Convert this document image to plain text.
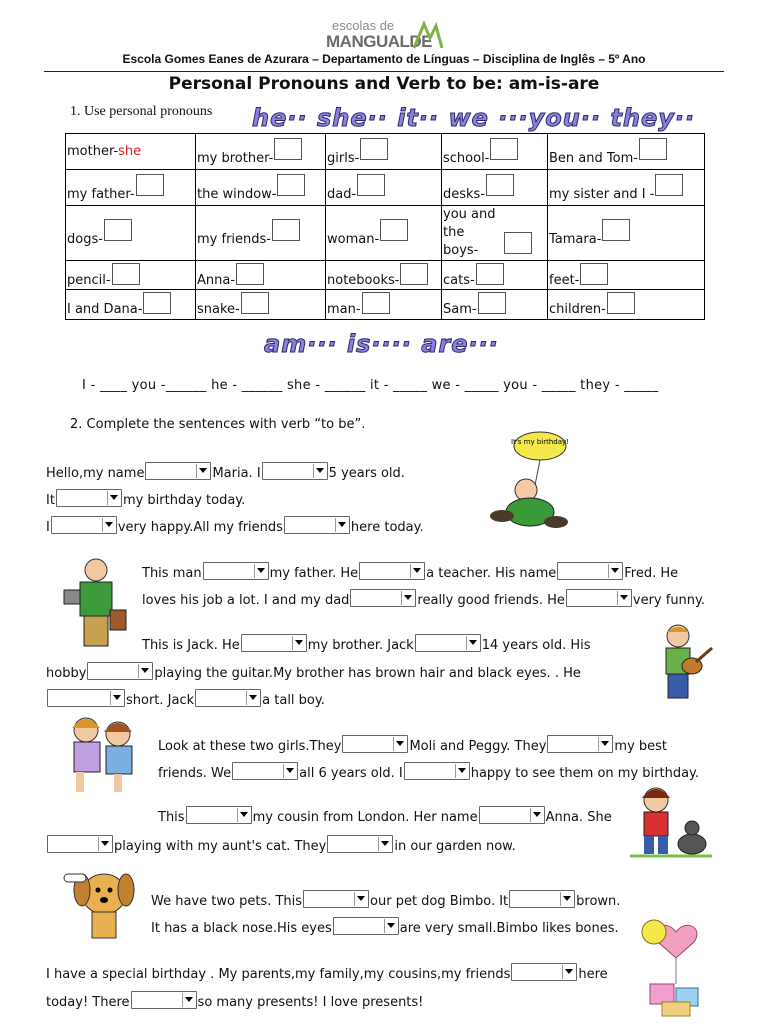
escolas de
MANGUALDE
Escola Gomes Eanes de Azurara – Departamento de Línguas – Disciplina de Inglês – 5º Ano
Personal Pronouns and Verb to be: am-is-are
1. Use personal pronouns he·· she·· it·· we ···you·· they··
mother- she	my brother-	girls-	school-	Ben and Tom-

my father-	the window-	dad-	desks-	my sister and I -

dogs-	my friends-	woman-	you and the boys-	Tamara-

pencil-	Anna-	notebooks-	cats-	feet-

I and Dana-	snake-	man-	Sam-	children-
am··· is···· are···
I - ____ you -______ he - ______ she - ______ it - _____ we - _____ you - _____ they - _____
2. Complete the sentences with verb “to be”.
Hello,my name	Maria. I	5 years old.
It	my birthday today.
I	very happy.All my friends	here today.
It's my birthday!
This man	my father. He	a teacher. His name	Fred. He
loves his job a lot. I and my dad	really good friends. He	very funny.
This is Jack. He	my brother. Jack	14 years old. His
hobby	playing the guitar.My brother has brown hair and black eyes. . He
short. Jack	a tall boy.
Look at these two girls.They	Moli and Peggy. They	my best
friends. We	all 6 years old. I	happy to see them on my birthday.
This	my cousin from London. Her name	Anna. She
playing with my aunt's cat. They	in our garden now.
We have two pets. This	our pet dog Bimbo. It	brown.
It has a black nose.His eyes	are very small.Bimbo likes bones.
I have a special birthday . My parents,my family,my cousins,my friends	here
today! There	so many presents! I love presents!
